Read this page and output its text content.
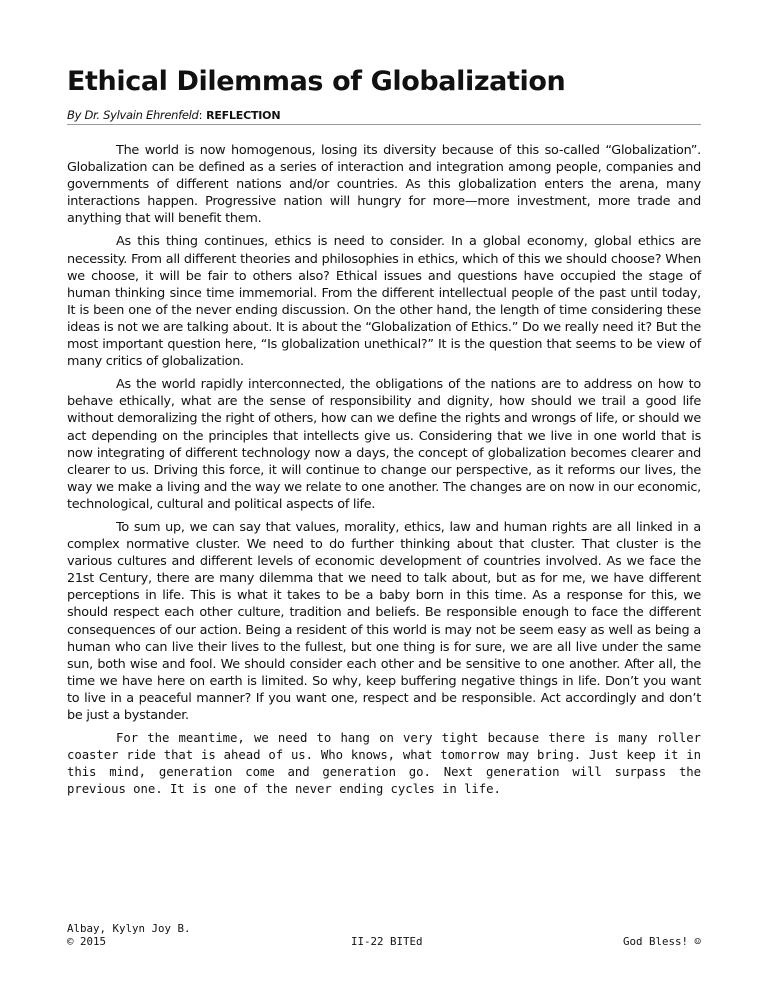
Ethical Dilemmas of Globalization
By Dr. Sylvain Ehrenfeld: REFLECTION

The world is now homogenous, losing its diversity because of this so-called “Globalization”. Globalization can be defined as a series of interaction and integration among people, companies and governments of different nations and/or countries. As this globalization enters the arena, many interactions happen. Progressive nation will hungry for more—more investment, more trade and anything that will benefit them.

As this thing continues, ethics is need to consider. In a global economy, global ethics are necessity. From all different theories and philosophies in ethics, which of this we should choose? When we choose, it will be fair to others also? Ethical issues and questions have occupied the stage of human thinking since time immemorial. From the different intellectual people of the past until today, It is been one of the never ending discussion. On the other hand, the length of time considering these ideas is not we are talking about. It is about the “Globalization of Ethics.” Do we really need it? But the most important question here, “Is globalization unethical?” It is the question that seems to be view of many critics of globalization.

As the world rapidly interconnected, the obligations of the nations are to address on how to behave ethically, what are the sense of responsibility and dignity, how should we trail a good life without demoralizing the right of others, how can we define the rights and wrongs of life, or should we act depending on the principles that intellects give us. Considering that we live in one world that is now integrating of different technology now a days, the concept of globalization becomes clearer and clearer to us. Driving this force, it will continue to change our perspective, as it reforms our lives, the way we make a living and the way we relate to one another. The changes are on now in our economic, technological, cultural and political aspects of life.

To sum up, we can say that values, morality, ethics, law and human rights are all linked in a complex normative cluster. We need to do further thinking about that cluster. That cluster is the various cultures and different levels of economic development of countries involved. As we face the 21st Century, there are many dilemma that we need to talk about, but as for me, we have different perceptions in life. This is what it takes to be a baby born in this time. As a response for this, we should respect each other culture, tradition and beliefs. Be responsible enough to face the different consequences of our action. Being a resident of this world is may not be seem easy as well as being a human who can live their lives to the fullest, but one thing is for sure, we are all live under the same sun, both wise and fool. We should consider each other and be sensitive to one another. After all, the time we have here on earth is limited. So why, keep buffering negative things in life. Don’t you want to live in a peaceful manner? If you want one, respect and be responsible. Act accordingly and don’t be just a bystander.

For the meantime, we need to hang on very tight because there is many roller coaster ride that is ahead of us. Who knows, what tomorrow may bring. Just keep it in this mind, generation come and generation go. Next generation will surpass the previous one. It is one of the never ending cycles in life.

Albay, Kylyn Joy B.
© 2015	II-22 BITEd	God Bless! ☺
